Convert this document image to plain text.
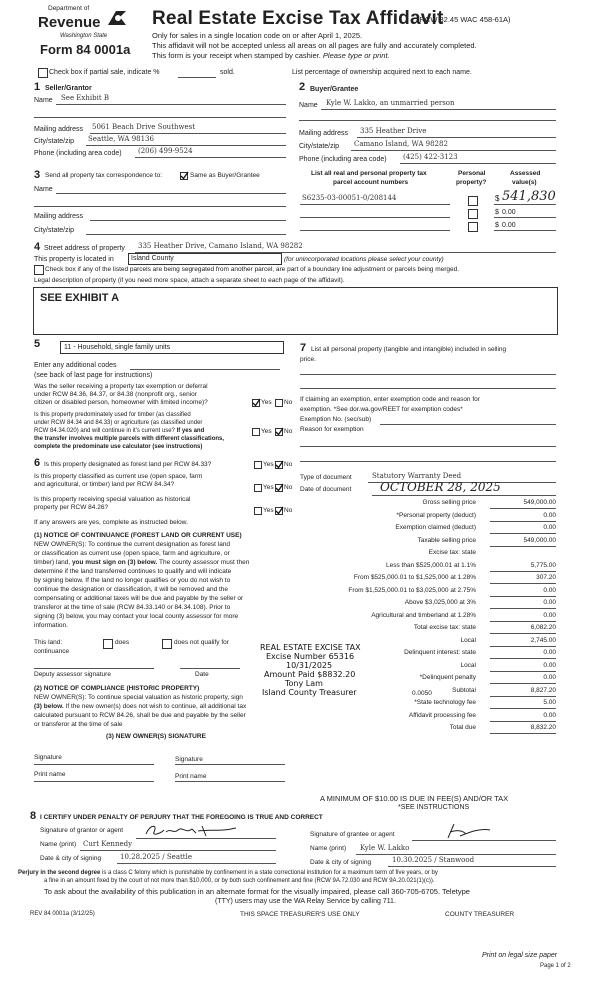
Department of
Revenue
Washington State
Form 84 0001a
Real Estate Excise Tax Affidavit
(RCW 82.45 WAC 458-61A)
Only for sales in a single location code on or after April 1, 2025.
This affidavit will not be accepted unless all areas on all pages are fully and accurately completed.
This form is your receipt when stamped by cashier. Please type or print.
Check box if partial sale, indicate %	sold.	List percentage of ownership acquired next to each name.
1 Seller/Grantor
Name See Exhibit B
Mailing address 5061 Beach Drive Southwest
City/state/zip Seattle, WA 98136
Phone (including area code) (206) 499-9524
2 Buyer/Grantee
Name Kyle W. Lakko, an unmarried person
Mailing address 335 Heather Drive
City/state/zip Camano Island, WA 98282
Phone (including area code) (425) 422-3123
3 Send all property tax correspondence to:	Same as Buyer/Grantee
Name
Mailing address
City/state/zip
List all real and personal property tax
parcel account numbers
Personal
property?
Assessed
value(s)
S6235-03-00051-0/208144	$ 541,830
$ 0.00
$ 0.00
4 Street address of property 335 Heather Drive, Camano Island, WA 98282
This property is located in	Island County	(for unincorporated locations please select your county)
Check box if any of the listed parcels are being segregated from another parcel, are part of a boundary line adjustment or parcels being merged.
Legal description of property (if you need more space, attach a separate sheet to each page of the affidavit).
SEE EXHIBIT A
5	11 - Household, single family units
Enter any additional codes
(see back of last page for instructions)
Was the seller receiving a property tax exemption or deferral
under RCW 84.36, 84.37, or 84.38 (nonprofit org., senior
citizen or disabled person, homeowner with limited income)?	Yes No
Is this property predominately used for timber (as classified
under RCW 84.34 and 84.33) or agriculture (as classified under
RCW 84.34.020) and will continue in it's current use? If yes and
the transfer involves multiple parcels with different classifications,
complete the predominate use calculator (see instructions)
Yes No
6 Is this property designated as forest land per RCW 84.33?	Yes No
Is this property classified as current use (open space, farm
and agricultural, or timber) land per RCW 84.34?	Yes No
Is this property receiving special valuation as historical
property per RCW 84.26?	Yes No
If any answers are yes, complete as instructed below.
(1) NOTICE OF CONTINUANCE (FOREST LAND OR CURRENT USE)
NEW OWNER(S): To continue the current designation as forest land
or classification as current use (open space, farm and agriculture, or
timber) land, you must sign on (3) below. The county assessor must then
determine if the land transferred continues to qualify and will indicate
by signing below. If the land no longer qualifies or you do not wish to
continue the designation or classification, it will be removed and the
compensating or additional taxes will be due and payable by the seller or
transferor at the time of sale (RCW 84.33.140 or 84.34.108). Prior to
signing (3) below, you may contact your local county assessor for more
information.
This land:	does	does not qualify for
continuance
Deputy assessor signature	Date
(2) NOTICE OF COMPLIANCE (HISTORIC PROPERTY)
NEW OWNER(S): To continue special valuation as historic property, sign
(3) below. If the new owner(s) does not wish to continue, all additional tax
calculated pursuant to RCW 84.26, shall be due and payable by the seller
or transferor at the time of sale
(3) NEW OWNER(S) SIGNATURE
Signature	Signature
Print name	Print name
7 List all personal property (tangible and intangible) included in selling
price.
If claiming an exemption, enter exemption code and reason for
exemption. *See dor.wa.gov/REET for exemption codes*
Exemption No. (sec/sub)
Reason for exemption
Type of document	Statutory Warranty Deed
Date of document OCTOBER 28, 2025
Gross selling price	549,000.00
*Personal property (deduct)	0.00
Exemption claimed (deduct)	0.00
Taxable selling price	549,000.00
Excise tax: state
Less than $525,000.01 at 1.1%	5,775.00
From $525,000.01 to $1,525,000 at 1.28%	307.20
From $1,525,000.01 to $3,025,000 at 2.75%	0.00
Above $3,025,000 at 3%	0.00
Agricultural and timberland at 1.28%	0.00
Total excise tax: state	6,082.20
Local	2,745.00
Delinquent interest: state	0.00
Local	0.00
*Delinquent penalty	0.00
Subtotal	8,827.20
*State technology fee	5.00
Affidavit processing fee	0.00
Total due	8,832.20
0.0050
REAL ESTATE EXCISE TAX
Excise Number 65316
10/31/2025
Amount Paid $8832.20
Tony Lam
Island County Treasurer
A MINIMUM OF $10.00 IS DUE IN FEE(S) AND/OR TAX
*SEE INSTRUCTIONS
8 I CERTIFY UNDER PENALTY OF PERJURY THAT THE FOREGOING IS TRUE AND CORRECT
Signature of grantor or agent
Name (print) Curt Kennedy
Date & city of signing	10.28.2025 / Seattle
Signature of grantee or agent
Name (print) Kyle W. Lakko
Date & city of signing	10.30.2025 / Stanwood
Perjury in the second degree is a class C felony which is punishable by confinement in a state correctional institution for a maximum term of five years, or by
a fine in an amount fixed by the court of not more than $10,000, or by both such confinement and fine (RCW 9A.72.030 and RCW 9A.20.021(1)(c)).
To ask about the availability of this publication in an alternate format for the visually impaired, please call 360-705-6705. Teletype
(TTY) users may use the WA Relay Service by calling 711.
REV 84 0001a (3/12/25)	THIS SPACE TREASURER'S USE ONLY	COUNTY TREASURER
Print on legal size paper
Page 1 of 2
